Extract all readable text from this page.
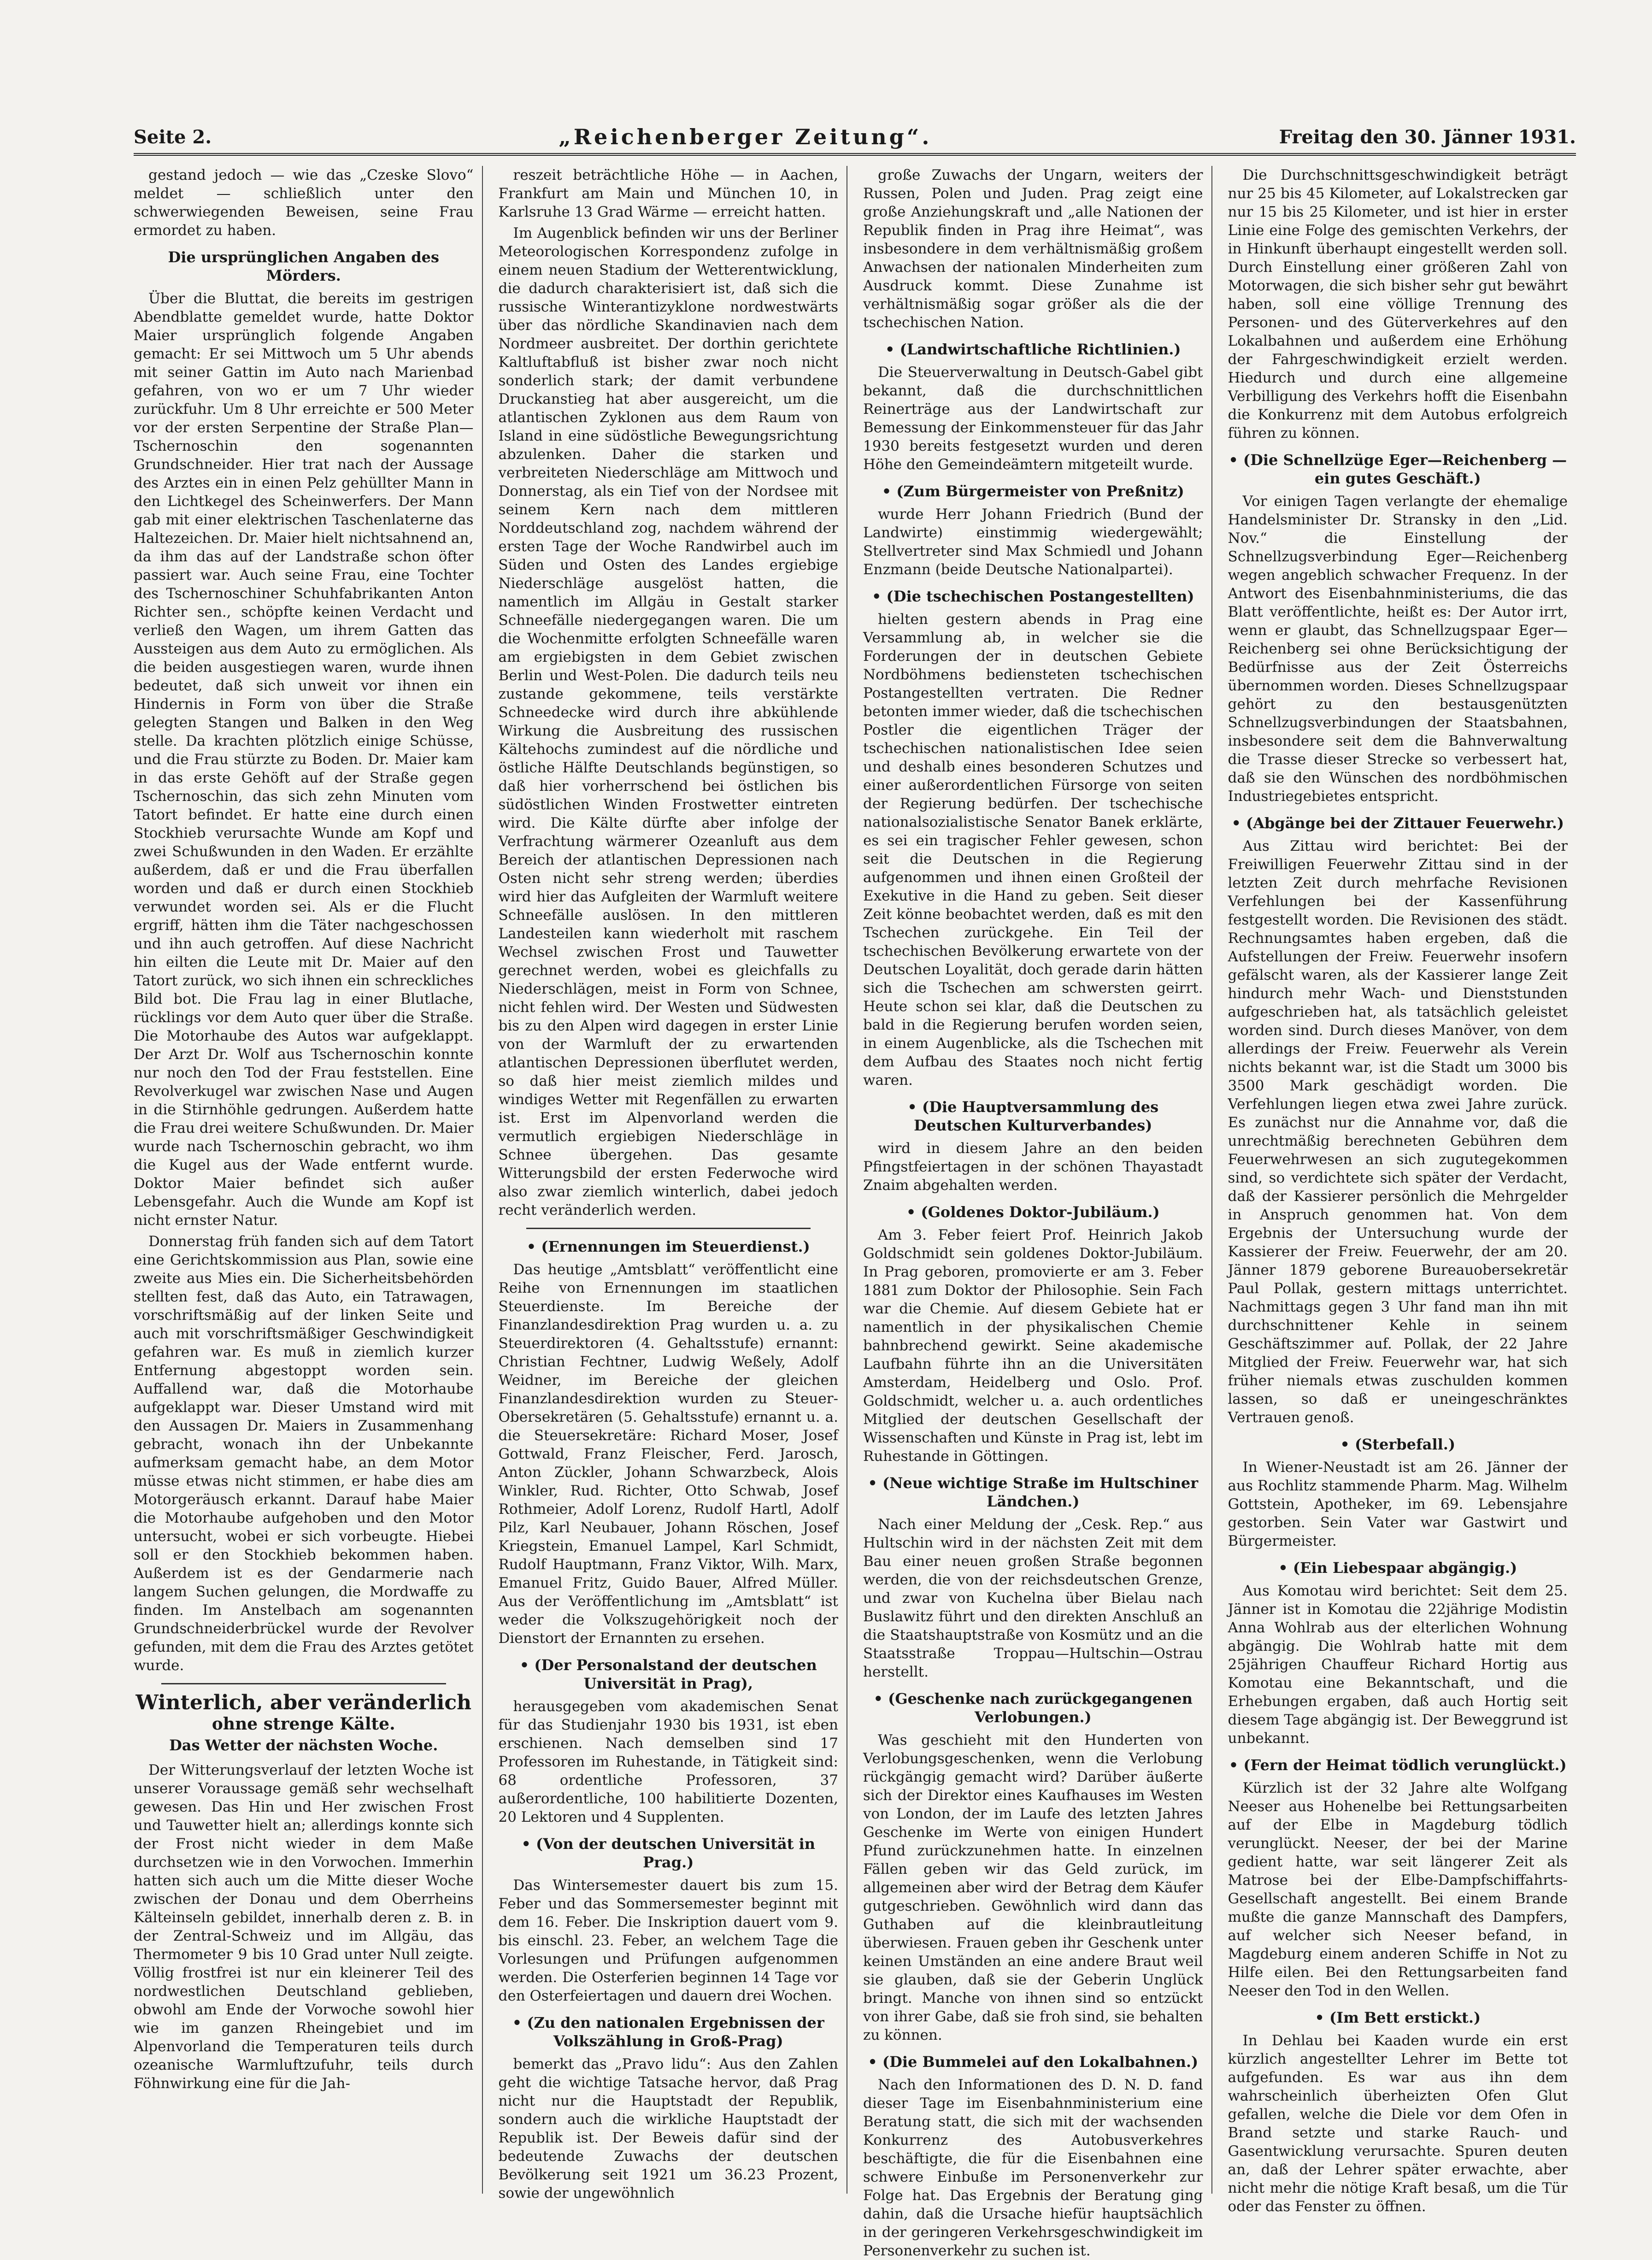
Seite 2.	„Reichenberger Zeitung“.	Freitag den 30. Jänner 1931.

gestand jedoch — wie das „Czeske Slovo“ meldet — schließlich unter den schwerwiegenden Beweisen, seine Frau ermordet zu haben.

Die ursprünglichen Angaben des Mörders.

Über die Bluttat, die bereits im gestrigen Abendblatte gemeldet wurde, hatte Doktor Maier ursprünglich folgende Angaben gemacht: Er sei Mittwoch um 5 Uhr abends mit seiner Gattin im Auto nach Marienbad gefahren, von wo er um 7 Uhr wieder zurückfuhr. Um 8 Uhr erreichte er 500 Meter vor der ersten Serpentine der Straße Plan—Tschernoschin den sogenannten Grundschneider. Hier trat nach der Aussage des Arztes ein in einen Pelz gehüllter Mann in den Lichtkegel des Scheinwerfers. Der Mann gab mit einer elektrischen Taschenlaterne das Haltezeichen. Dr. Maier hielt nichtsahnend an, da ihm das auf der Landstraße schon öfter passiert war. Auch seine Frau, eine Tochter des Tschernoschiner Schuhfabrikanten Anton Richter sen., schöpfte keinen Verdacht und verließ den Wagen, um ihrem Gatten das Aussteigen aus dem Auto zu ermöglichen. Als die beiden ausgestiegen waren, wurde ihnen bedeutet, daß sich unweit vor ihnen ein Hindernis in Form von über die Straße gelegten Stangen und Balken in den Weg stelle. Da krachten plötzlich einige Schüsse, und die Frau stürzte zu Boden. Dr. Maier kam in das erste Gehöft auf der Straße gegen Tschernoschin, das sich zehn Minuten vom Tatort befindet. Er hatte eine durch einen Stockhieb verursachte Wunde am Kopf und zwei Schußwunden in den Waden. Er erzählte außerdem, daß er und die Frau überfallen worden und daß er durch einen Stockhieb verwundet worden sei. Als er die Flucht ergriff, hätten ihm die Täter nachgeschossen und ihn auch getroffen. Auf diese Nachricht hin eilten die Leute mit Dr. Maier auf den Tatort zurück, wo sich ihnen ein schreckliches Bild bot. Die Frau lag in einer Blutlache, rücklings vor dem Auto quer über die Straße. Die Motorhaube des Autos war aufgeklappt. Der Arzt Dr. Wolf aus Tschernoschin konnte nur noch den Tod der Frau feststellen. Eine Revolverkugel war zwischen Nase und Augen in die Stirnhöhle gedrungen. Außerdem hatte die Frau drei weitere Schußwunden. Dr. Maier wurde nach Tschernoschin gebracht, wo ihm die Kugel aus der Wade entfernt wurde. Doktor Maier befindet sich außer Lebensgefahr. Auch die Wunde am Kopf ist nicht ernster Natur.

Donnerstag früh fanden sich auf dem Tatort eine Gerichtskommission aus Plan, sowie eine zweite aus Mies ein. Die Sicherheitsbehörden stellten fest, daß das Auto, ein Tatrawagen, vorschriftsmäßig auf der linken Seite und auch mit vorschriftsmäßiger Geschwindigkeit gefahren war. Es muß in ziemlich kurzer Entfernung abgestoppt worden sein. Auffallend war, daß die Motorhaube aufgeklappt war. Dieser Umstand wird mit den Aussagen Dr. Maiers in Zusammenhang gebracht, wonach ihn der Unbekannte aufmerksam gemacht habe, an dem Motor müsse etwas nicht stimmen, er habe dies am Motorgeräusch erkannt. Darauf habe Maier die Motorhaube aufgehoben und den Motor untersucht, wobei er sich vorbeugte. Hiebei soll er den Stockhieb bekommen haben. Außerdem ist es der Gendarmerie nach langem Suchen gelungen, die Mordwaffe zu finden. Im Anstelbach am sogenannten Grundschneiderbrückel wurde der Revolver gefunden, mit dem die Frau des Arztes getötet wurde.

Winterlich, aber veränderlich
ohne strenge Kälte.
Das Wetter der nächsten Woche.

Der Witterungsverlauf der letzten Woche ist unserer Voraussage gemäß sehr wechselhaft gewesen. Das Hin und Her zwischen Frost und Tauwetter hielt an; allerdings konnte sich der Frost nicht wieder in dem Maße durchsetzen wie in den Vorwochen. Immerhin hatten sich auch um die Mitte dieser Woche zwischen der Donau und dem Oberrheins Kälteinseln gebildet, innerhalb deren z. B. in der Zentral-Schweiz und im Allgäu, das Thermometer 9 bis 10 Grad unter Null zeigte. Völlig frostfrei ist nur ein kleinerer Teil des nordwestlichen Deutschland geblieben, obwohl am Ende der Vorwoche sowohl hier wie im ganzen Rheingebiet und im Alpenvorland die Temperaturen teils durch ozeanische Warmluftzufuhr, teils durch Föhnwirkung eine für die Jah-

reszeit beträchtliche Höhe — in Aachen, Frankfurt am Main und München 10, in Karlsruhe 13 Grad Wärme — erreicht hatten.

Im Augenblick befinden wir uns der Berliner Meteorologischen Korrespondenz zufolge in einem neuen Stadium der Wetterentwicklung, die dadurch charakterisiert ist, daß sich die russische Winterantizyklone nordwestwärts über das nördliche Skandinavien nach dem Nordmeer ausbreitet. Der dorthin gerichtete Kaltluftabfluß ist bisher zwar noch nicht sonderlich stark; der damit verbundene Druckanstieg hat aber ausgereicht, um die atlantischen Zyklonen aus dem Raum von Island in eine südöstliche Bewegungsrichtung abzulenken. Daher die starken und verbreiteten Niederschläge am Mittwoch und Donnerstag, als ein Tief von der Nordsee mit seinem Kern nach dem mittleren Norddeutschland zog, nachdem während der ersten Tage der Woche Randwirbel auch im Süden und Osten des Landes ergiebige Niederschläge ausgelöst hatten, die namentlich im Allgäu in Gestalt starker Schneefälle niedergegangen waren. Die um die Wochenmitte erfolgten Schneefälle waren am ergiebigsten in dem Gebiet zwischen Berlin und West-Polen. Die dadurch teils neu zustande gekommene, teils verstärkte Schneedecke wird durch ihre abkühlende Wirkung die Ausbreitung des russischen Kältehochs zumindest auf die nördliche und östliche Hälfte Deutschlands begünstigen, so daß hier vorherrschend bei östlichen bis südöstlichen Winden Frostwetter eintreten wird. Die Kälte dürfte aber infolge der Verfrachtung wärmerer Ozeanluft aus dem Bereich der atlantischen Depressionen nach Osten nicht sehr streng werden; überdies wird hier das Aufgleiten der Warmluft weitere Schneefälle auslösen. In den mittleren Landesteilen kann wiederholt mit raschem Wechsel zwischen Frost und Tauwetter gerechnet werden, wobei es gleichfalls zu Niederschlägen, meist in Form von Schnee, nicht fehlen wird. Der Westen und Südwesten bis zu den Alpen wird dagegen in erster Linie von der Warmluft der zu erwartenden atlantischen Depressionen überflutet werden, so daß hier meist ziemlich mildes und windiges Wetter mit Regenfällen zu erwarten ist. Erst im Alpenvorland werden die vermutlich ergiebigen Niederschläge in Schnee übergehen. Das gesamte Witterungsbild der ersten Federwoche wird also zwar ziemlich winterlich, dabei jedoch recht veränderlich werden.

• (Ernennungen im Steuerdienst.)

Das heutige „Amtsblatt“ veröffentlicht eine Reihe von Ernennungen im staatlichen Steuerdienste. Im Bereiche der Finanzlandesdirektion Prag wurden u. a. zu Steuerdirektoren (4. Gehaltsstufe) ernannt: Christian Fechtner, Ludwig Weßely, Adolf Weidner, im Bereiche der gleichen Finanzlandesdirektion wurden zu Steuer-Obersekretären (5. Gehaltsstufe) ernannt u. a. die Steuersekretäre: Richard Moser, Josef Gottwald, Franz Fleischer, Ferd. Jarosch, Anton Zückler, Johann Schwarzbeck, Alois Winkler, Rud. Richter, Otto Schwab, Josef Rothmeier, Adolf Lorenz, Rudolf Hartl, Adolf Pilz, Karl Neubauer, Johann Röschen, Josef Kriegstein, Emanuel Lampel, Karl Schmidt, Rudolf Hauptmann, Franz Viktor, Wilh. Marx, Emanuel Fritz, Guido Bauer, Alfred Müller. Aus der Veröffentlichung im „Amtsblatt“ ist weder die Volkszugehörigkeit noch der Dienstort der Ernannten zu ersehen.

• (Der Personalstand der deutschen Universität in Prag),

herausgegeben vom akademischen Senat für das Studienjahr 1930 bis 1931, ist eben erschienen. Nach demselben sind 17 Professoren im Ruhestande, in Tätigkeit sind: 68 ordentliche Professoren, 37 außerordentliche, 100 habilitierte Dozenten, 20 Lektoren und 4 Supplenten.

• (Von der deutschen Universität in Prag.)

Das Wintersemester dauert bis zum 15. Feber und das Sommersemester beginnt mit dem 16. Feber. Die Inskription dauert vom 9. bis einschl. 23. Feber, an welchem Tage die Vorlesungen und Prüfungen aufgenommen werden. Die Osterferien beginnen 14 Tage vor den Osterfeiertagen und dauern drei Wochen.

• (Zu den nationalen Ergebnissen der Volkszählung in Groß-Prag)

bemerkt das „Pravo lidu“: Aus den Zahlen geht die wichtige Tatsache hervor, daß Prag nicht nur die Hauptstadt der Republik, sondern auch die wirkliche Hauptstadt der Republik ist. Der Beweis dafür sind der bedeutende Zuwachs der deutschen Bevölkerung seit 1921 um 36.23 Prozent, sowie der ungewöhnlich

große Zuwachs der Ungarn, weiters der Russen, Polen und Juden. Prag zeigt eine große Anziehungskraft und „alle Nationen der Republik finden in Prag ihre Heimat“, was insbesondere in dem verhältnismäßig großem Anwachsen der nationalen Minderheiten zum Ausdruck kommt. Diese Zunahme ist verhältnismäßig sogar größer als die der tschechischen Nation.

• (Landwirtschaftliche Richtlinien.)

Die Steuerverwaltung in Deutsch-Gabel gibt bekannt, daß die durchschnittlichen Reinerträge aus der Landwirtschaft zur Bemessung der Einkommensteuer für das Jahr 1930 bereits festgesetzt wurden und deren Höhe den Gemeindeämtern mitgeteilt wurde.

• (Zum Bürgermeister von Preßnitz)

wurde Herr Johann Friedrich (Bund der Landwirte) einstimmig wiedergewählt; Stellvertreter sind Max Schmiedl und Johann Enzmann (beide Deutsche Nationalpartei).

• (Die tschechischen Postangestellten)

hielten gestern abends in Prag eine Versammlung ab, in welcher sie die Forderungen der in deutschen Gebiete Nordböhmens bediensteten tschechischen Postangestellten vertraten. Die Redner betonten immer wieder, daß die tschechischen Postler die eigentlichen Träger der tschechischen nationalistischen Idee seien und deshalb eines besonderen Schutzes und einer außerordentlichen Fürsorge von seiten der Regierung bedürfen. Der tschechische nationalsozialistische Senator Banek erklärte, es sei ein tragischer Fehler gewesen, schon seit die Deutschen in die Regierung aufgenommen und ihnen einen Großteil der Exekutive in die Hand zu geben. Seit dieser Zeit könne beobachtet werden, daß es mit den Tschechen zurückgehe. Ein Teil der tschechischen Bevölkerung erwartete von der Deutschen Loyalität, doch gerade darin hätten sich die Tschechen am schwersten geirrt. Heute schon sei klar, daß die Deutschen zu bald in die Regierung berufen worden seien, in einem Augenblicke, als die Tschechen mit dem Aufbau des Staates noch nicht fertig waren.

• (Die Hauptversammlung des Deutschen Kulturverbandes)

wird in diesem Jahre an den beiden Pfingstfeiertagen in der schönen Thayastadt Znaim abgehalten werden.

• (Goldenes Doktor-Jubiläum.)

Am 3. Feber feiert Prof. Heinrich Jakob Goldschmidt sein goldenes Doktor-Jubiläum. In Prag geboren, promovierte er am 3. Feber 1881 zum Doktor der Philosophie. Sein Fach war die Chemie. Auf diesem Gebiete hat er namentlich in der physikalischen Chemie bahnbrechend gewirkt. Seine akademische Laufbahn führte ihn an die Universitäten Amsterdam, Heidelberg und Oslo. Prof. Goldschmidt, welcher u. a. auch ordentliches Mitglied der deutschen Gesellschaft der Wissenschaften und Künste in Prag ist, lebt im Ruhestande in Göttingen.

• (Neue wichtige Straße im Hultschiner Ländchen.)

Nach einer Meldung der „Cesk. Rep.“ aus Hultschin wird in der nächsten Zeit mit dem Bau einer neuen großen Straße begonnen werden, die von der reichsdeutschen Grenze, und zwar von Kuchelna über Bielau nach Buslawitz führt und den direkten Anschluß an die Staatshauptstraße von Kosmütz und an die Staatsstraße Troppau—Hultschin—Ostrau herstellt.

• (Geschenke nach zurückgegangenen Verlobungen.)

Was geschieht mit den Hunderten von Verlobungsgeschenken, wenn die Verlobung rückgängig gemacht wird? Darüber äußerte sich der Direktor eines Kaufhauses im Westen von London, der im Laufe des letzten Jahres Geschenke im Werte von einigen Hundert Pfund zurückzunehmen hatte. In einzelnen Fällen geben wir das Geld zurück, im allgemeinen aber wird der Betrag dem Käufer gutgeschrieben. Gewöhnlich wird dann das Guthaben auf die kleinbrautleitung überwiesen. Frauen geben ihr Geschenk unter keinen Umständen an eine andere Braut weil sie glauben, daß sie der Geberin Unglück bringt. Manche von ihnen sind so entzückt von ihrer Gabe, daß sie froh sind, sie behalten zu können.

• (Die Bummelei auf den Lokalbahnen.)

Nach den Informationen des D. N. D. fand dieser Tage im Eisenbahnministerium eine Beratung statt, die sich mit der wachsenden Konkurrenz des Autobusverkehres beschäftigte, die für die Eisenbahnen eine schwere Einbuße im Personenverkehr zur Folge hat. Das Ergebnis der Beratung ging dahin, daß die Ursache hiefür hauptsächlich in der geringeren Verkehrsgeschwindigkeit im Personenverkehr zu suchen ist.

Die Durchschnittsgeschwindigkeit beträgt nur 25 bis 45 Kilometer, auf Lokalstrecken gar nur 15 bis 25 Kilometer, und ist hier in erster Linie eine Folge des gemischten Verkehrs, der in Hinkunft überhaupt eingestellt werden soll. Durch Einstellung einer größeren Zahl von Motorwagen, die sich bisher sehr gut bewährt haben, soll eine völlige Trennung des Personen- und des Güterverkehres auf den Lokalbahnen und außerdem eine Erhöhung der Fahrgeschwindigkeit erzielt werden. Hiedurch und durch eine allgemeine Verbilligung des Verkehrs hofft die Eisenbahn die Konkurrenz mit dem Autobus erfolgreich führen zu können.

• (Die Schnellzüge Eger—Reichenberg — ein gutes Geschäft.)

Vor einigen Tagen verlangte der ehemalige Handelsminister Dr. Stransky in den „Lid. Nov.“ die Einstellung der Schnellzugsverbindung Eger—Reichenberg wegen angeblich schwacher Frequenz. In der Antwort des Eisenbahnministeriums, die das Blatt veröffentlichte, heißt es: Der Autor irrt, wenn er glaubt, das Schnellzugspaar Eger—Reichenberg sei ohne Berücksichtigung der Bedürfnisse aus der Zeit Österreichs übernommen worden. Dieses Schnellzugspaar gehört zu den bestausgenützten Schnellzugsverbindungen der Staatsbahnen, insbesondere seit dem die Bahnverwaltung die Trasse dieser Strecke so verbessert hat, daß sie den Wünschen des nordböhmischen Industriegebietes entspricht.

• (Abgänge bei der Zittauer Feuerwehr.)

Aus Zittau wird berichtet: Bei der Freiwilligen Feuerwehr Zittau sind in der letzten Zeit durch mehrfache Revisionen Verfehlungen bei der Kassenführung festgestellt worden. Die Revisionen des städt. Rechnungsamtes haben ergeben, daß die Aufstellungen der Freiw. Feuerwehr insofern gefälscht waren, als der Kassierer lange Zeit hindurch mehr Wach- und Dienststunden aufgeschrieben hat, als tatsächlich geleistet worden sind. Durch dieses Manöver, von dem allerdings der Freiw. Feuerwehr als Verein nichts bekannt war, ist die Stadt um 3000 bis 3500 Mark geschädigt worden. Die Verfehlungen liegen etwa zwei Jahre zurück. Es zunächst nur die Annahme vor, daß die unrechtmäßig berechneten Gebühren dem Feuerwehrwesen an sich zugutegekommen sind, so verdichtete sich später der Verdacht, daß der Kassierer persönlich die Mehrgelder in Anspruch genommen hat. Von dem Ergebnis der Untersuchung wurde der Kassierer der Freiw. Feuerwehr, der am 20. Jänner 1879 geborene Bureauobersekretär Paul Pollak, gestern mittags unterrichtet. Nachmittags gegen 3 Uhr fand man ihn mit durchschnittener Kehle in seinem Geschäftszimmer auf. Pollak, der 22 Jahre Mitglied der Freiw. Feuerwehr war, hat sich früher niemals etwas zuschulden kommen lassen, so daß er uneingeschränktes Vertrauen genoß.

• (Sterbefall.)

In Wiener-Neustadt ist am 26. Jänner der aus Rochlitz stammende Pharm. Mag. Wilhelm Gottstein, Apotheker, im 69. Lebensjahre gestorben. Sein Vater war Gastwirt und Bürgermeister.

• (Ein Liebespaar abgängig.)

Aus Komotau wird berichtet: Seit dem 25. Jänner ist in Komotau die 22jährige Modistin Anna Wohlrab aus der elterlichen Wohnung abgängig. Die Wohlrab hatte mit dem 25jährigen Chauffeur Richard Hortig aus Komotau eine Bekanntschaft, und die Erhebungen ergaben, daß auch Hortig seit diesem Tage abgängig ist. Der Beweggrund ist unbekannt.

• (Fern der Heimat tödlich verunglückt.)

Kürzlich ist der 32 Jahre alte Wolfgang Neeser aus Hohenelbe bei Rettungsarbeiten auf der Elbe in Magdeburg tödlich verunglückt. Neeser, der bei der Marine gedient hatte, war seit längerer Zeit als Matrose bei der Elbe-Dampfschiffahrts-Gesellschaft angestellt. Bei einem Brande mußte die ganze Mannschaft des Dampfers, auf welcher sich Neeser befand, in Magdeburg einem anderen Schiffe in Not zu Hilfe eilen. Bei den Rettungsarbeiten fand Neeser den Tod in den Wellen.

• (Im Bett erstickt.)

In Dehlau bei Kaaden wurde ein erst kürzlich angestellter Lehrer im Bette tot aufgefunden. Es war aus ihn dem wahrscheinlich überheizten Ofen Glut gefallen, welche die Diele vor dem Ofen in Brand setzte und starke Rauch- und Gasentwicklung verursachte. Spuren deuten an, daß der Lehrer später erwachte, aber nicht mehr die nötige Kraft besaß, um die Tür oder das Fenster zu öffnen.
